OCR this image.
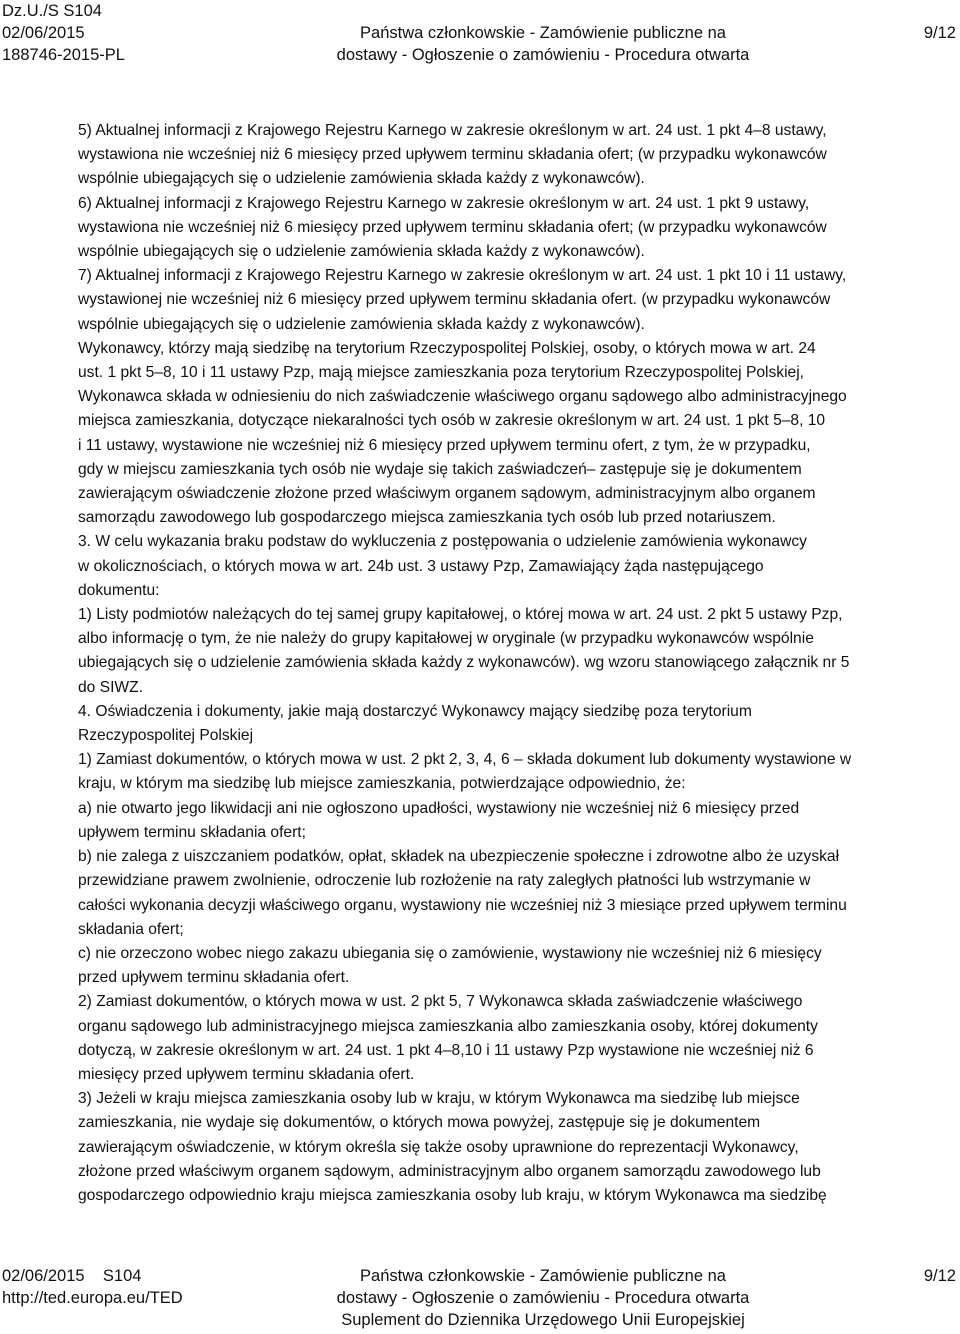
Dz.U./S S104
02/06/2015
188746-2015-PL
Państwa członkowskie - Zamówienie publiczne na
dostawy - Ogłoszenie o zamówieniu - Procedura otwarta
9/12
5) Aktualnej informacji z Krajowego Rejestru Karnego w zakresie określonym w art. 24 ust. 1 pkt 4–8 ustawy,
wystawiona nie wcześniej niż 6 miesięcy przed upływem terminu składania ofert; (w przypadku wykonawców
wspólnie ubiegających się o udzielenie zamówienia składa każdy z wykonawców).
6) Aktualnej informacji z Krajowego Rejestru Karnego w zakresie określonym w art. 24 ust. 1 pkt 9 ustawy,
wystawiona nie wcześniej niż 6 miesięcy przed upływem terminu składania ofert; (w przypadku wykonawców
wspólnie ubiegających się o udzielenie zamówienia składa każdy z wykonawców).
7) Aktualnej informacji z Krajowego Rejestru Karnego w zakresie określonym w art. 24 ust. 1 pkt 10 i 11 ustawy,
wystawionej nie wcześniej niż 6 miesięcy przed upływem terminu składania ofert. (w przypadku wykonawców
wspólnie ubiegających się o udzielenie zamówienia składa każdy z wykonawców).
Wykonawcy, którzy mają siedzibę na terytorium Rzeczypospolitej Polskiej, osoby, o których mowa w art. 24
ust. 1 pkt 5–8, 10 i 11 ustawy Pzp, mają miejsce zamieszkania poza terytorium Rzeczypospolitej Polskiej,
Wykonawca składa w odniesieniu do nich zaświadczenie właściwego organu sądowego albo administracyjnego
miejsca zamieszkania, dotyczące niekaralności tych osób w zakresie określonym w art. 24 ust. 1 pkt 5–8, 10
i 11 ustawy, wystawione nie wcześniej niż 6 miesięcy przed upływem terminu ofert, z tym, że w przypadku,
gdy w miejscu zamieszkania tych osób nie wydaje się takich zaświadczeń– zastępuje się je dokumentem
zawierającym oświadczenie złożone przed właściwym organem sądowym, administracyjnym albo organem
samorządu zawodowego lub gospodarczego miejsca zamieszkania tych osób lub przed notariuszem.
3. W celu wykazania braku podstaw do wykluczenia z postępowania o udzielenie zamówienia wykonawcy
w okolicznościach, o których mowa w art. 24b ust. 3 ustawy Pzp, Zamawiający żąda następującego
dokumentu:
1) Listy podmiotów należących do tej samej grupy kapitałowej, o której mowa w art. 24 ust. 2 pkt 5 ustawy Pzp,
albo informację o tym, że nie należy do grupy kapitałowej w oryginale (w przypadku wykonawców wspólnie
ubiegających się o udzielenie zamówienia składa każdy z wykonawców). wg wzoru stanowiącego załącznik nr 5
do SIWZ.
4. Oświadczenia i dokumenty, jakie mają dostarczyć Wykonawcy mający siedzibę poza terytorium
Rzeczypospolitej Polskiej
1) Zamiast dokumentów, o których mowa w ust. 2 pkt 2, 3, 4, 6 – składa dokument lub dokumenty wystawione w
kraju, w którym ma siedzibę lub miejsce zamieszkania, potwierdzające odpowiednio, że:
a) nie otwarto jego likwidacji ani nie ogłoszono upadłości, wystawiony nie wcześniej niż 6 miesięcy przed
upływem terminu składania ofert;
b) nie zalega z uiszczaniem podatków, opłat, składek na ubezpieczenie społeczne i zdrowotne albo że uzyskał
przewidziane prawem zwolnienie, odroczenie lub rozłożenie na raty zaległych płatności lub wstrzymanie w
całości wykonania decyzji właściwego organu, wystawiony nie wcześniej niż 3 miesiące przed upływem terminu
składania ofert;
c) nie orzeczono wobec niego zakazu ubiegania się o zamówienie, wystawiony nie wcześniej niż 6 miesięcy
przed upływem terminu składania ofert.
2) Zamiast dokumentów, o których mowa w ust. 2 pkt 5, 7 Wykonawca składa zaświadczenie właściwego
organu sądowego lub administracyjnego miejsca zamieszkania albo zamieszkania osoby, której dokumenty
dotyczą, w zakresie określonym w art. 24 ust. 1 pkt 4–8,10 i 11 ustawy Pzp wystawione nie wcześniej niż 6
miesięcy przed upływem terminu składania ofert.
3) Jeżeli w kraju miejsca zamieszkania osoby lub w kraju, w którym Wykonawca ma siedzibę lub miejsce
zamieszkania, nie wydaje się dokumentów, o których mowa powyżej, zastępuje się je dokumentem
zawierającym oświadczenie, w którym określa się także osoby uprawnione do reprezentacji Wykonawcy,
złożone przed właściwym organem sądowym, administracyjnym albo organem samorządu zawodowego lub
gospodarczego odpowiednio kraju miejsca zamieszkania osoby lub kraju, w którym Wykonawca ma siedzibę
02/06/2015    S104
http://ted.europa.eu/TED
Państwa członkowskie - Zamówienie publiczne na
dostawy - Ogłoszenie o zamówieniu - Procedura otwarta
Suplement do Dziennika Urzędowego Unii Europejskiej
9/12
